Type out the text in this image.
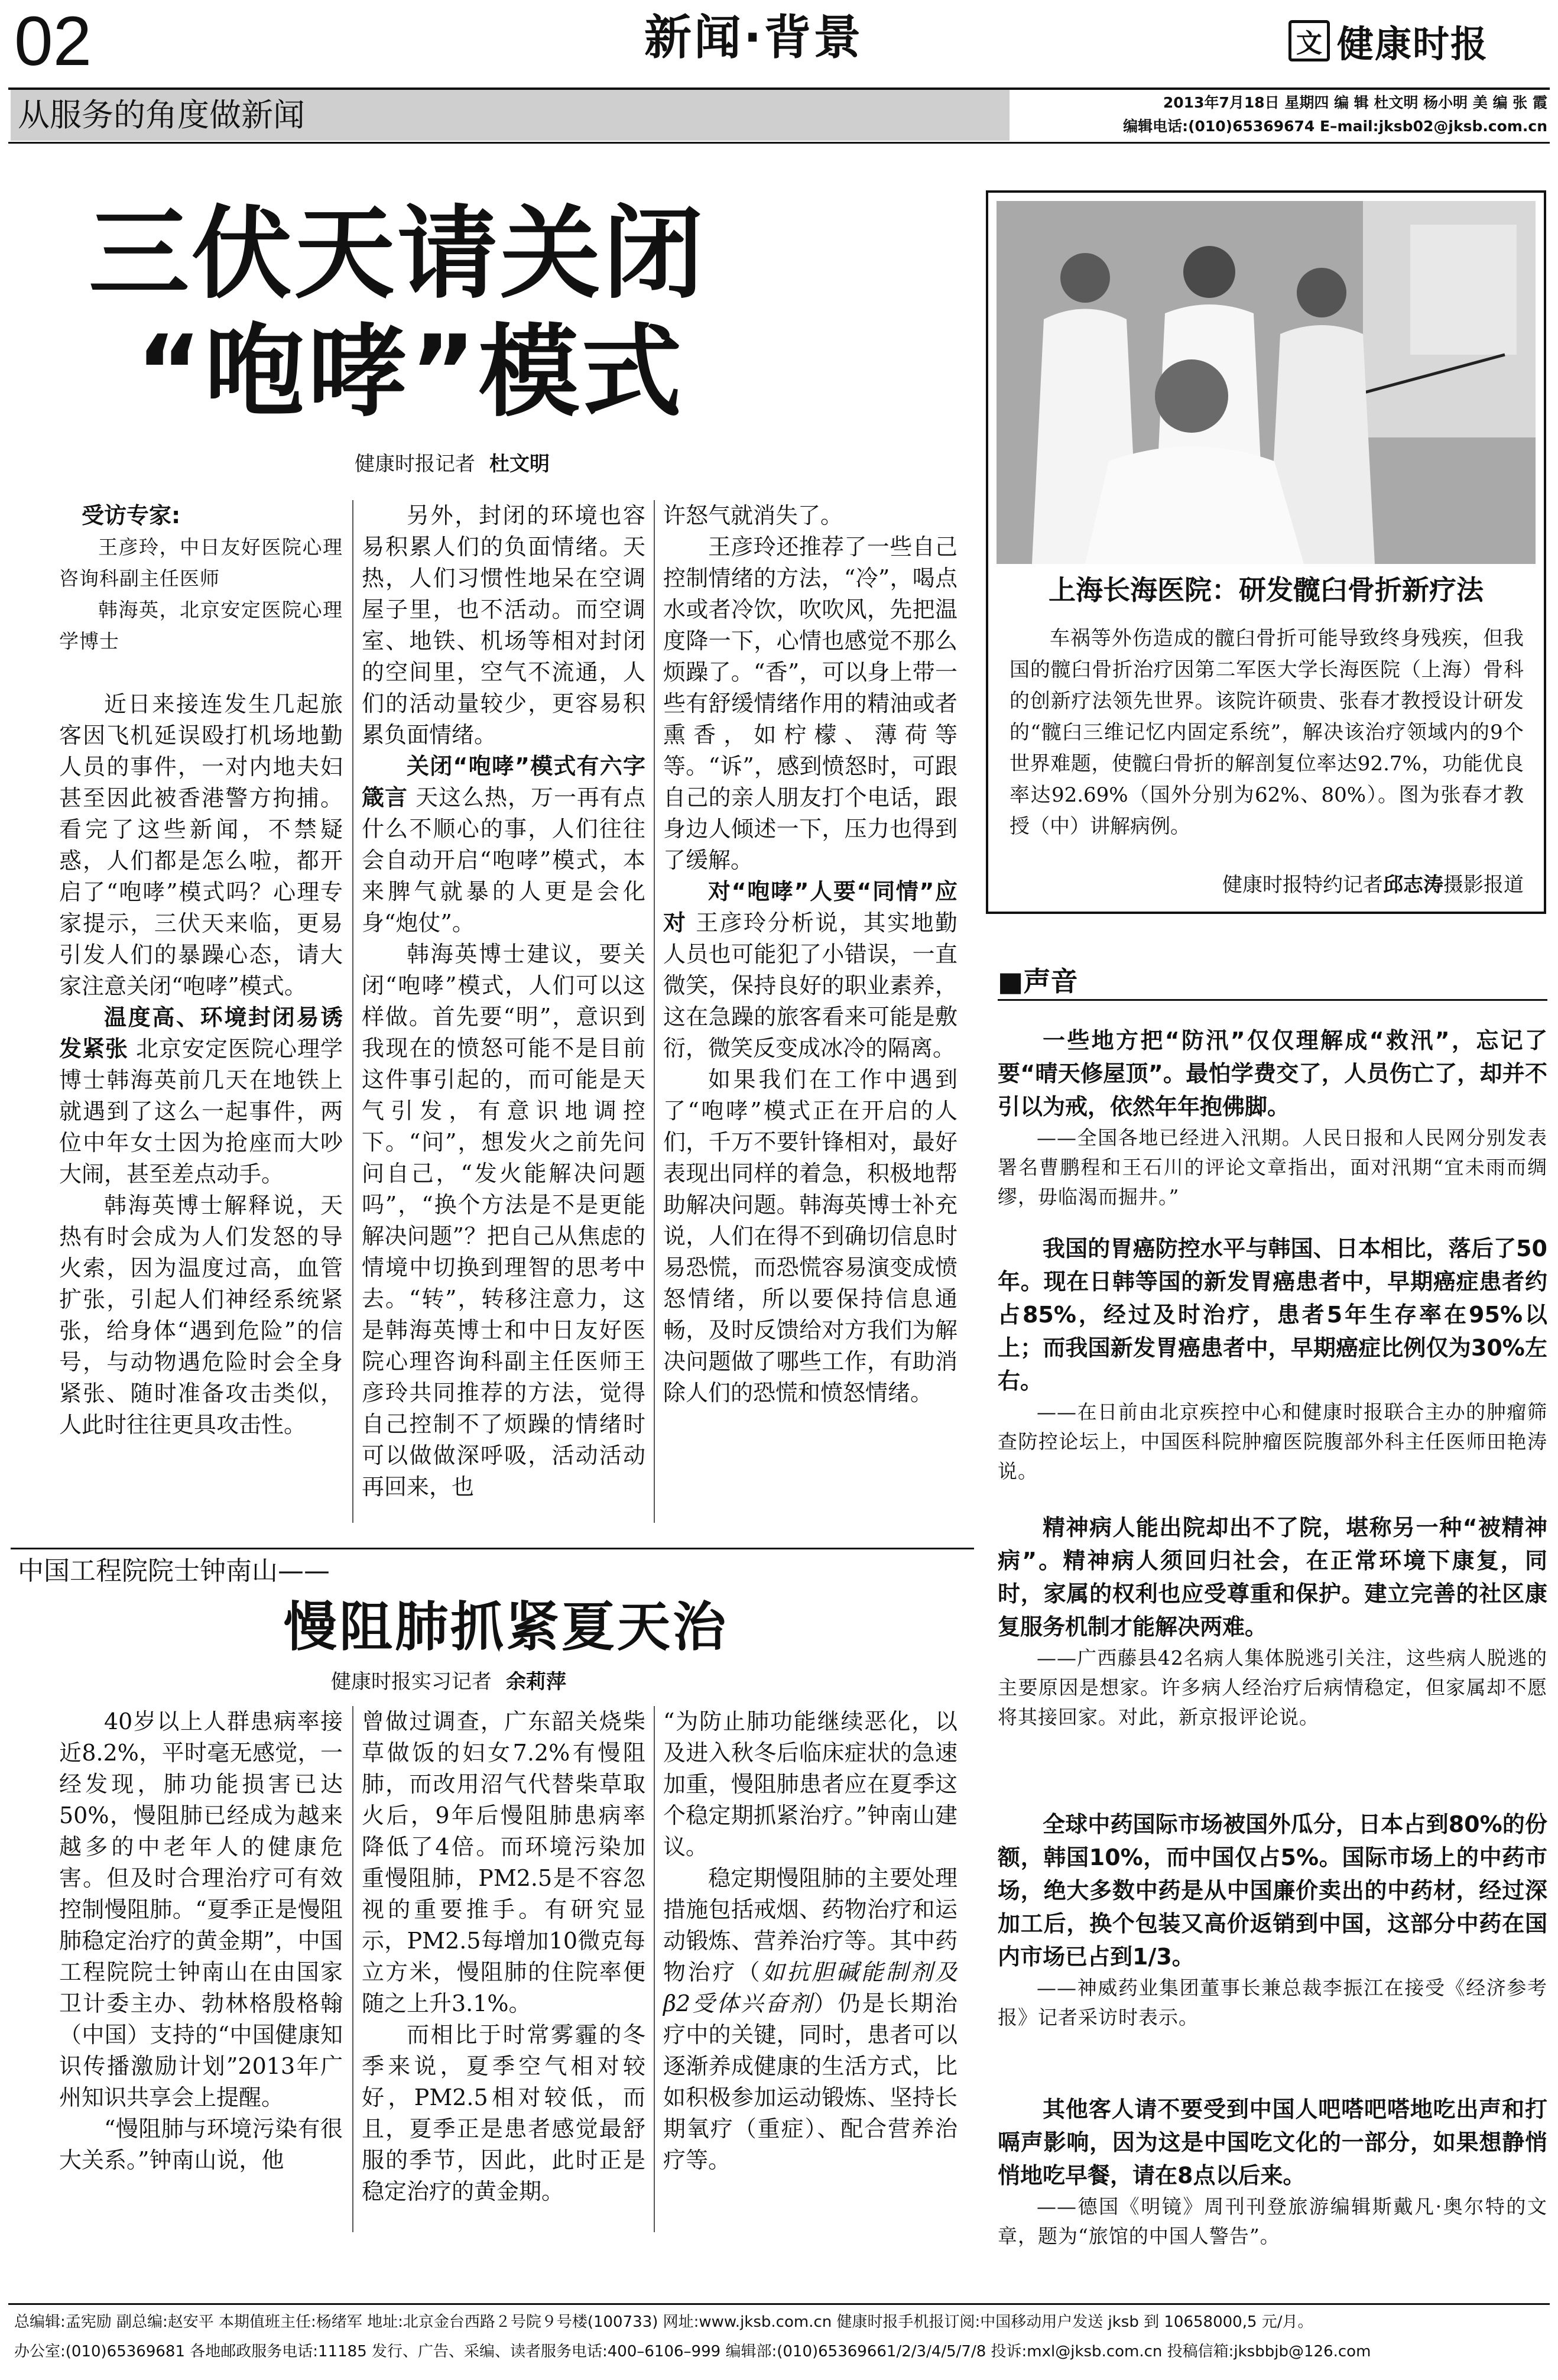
02	新闻·背景	文 健康时报
从服务的角度做新闻	2013年7月18日 星期四 编 辑 杜文明 杨小明 美 编 张 霞
编辑电话:(010)65369674 E–mail:jksb02@jksb.com.cn
三伏天请关闭
“咆哮”模式
健康时报记者 杜文明

受访专家:

王彦玲，中日友好医院心理咨询科副主任医师

韩海英，北京安定医院心理学博士

近日来接连发生几起旅客因飞机延误殴打机场地勤人员的事件，一对内地夫妇甚至因此被香港警方拘捕。看完了这些新闻，不禁疑惑，人们都是怎么啦，都开启了“咆哮”模式吗？心理专家提示，三伏天来临，更易引发人们的暴躁心态，请大家注意关闭“咆哮”模式。

温度高、环境封闭易诱发紧张 北京安定医院心理学博士韩海英前几天在地铁上就遇到了这么一起事件，两位中年女士因为抢座而大吵大闹，甚至差点动手。

韩海英博士解释说，天热有时会成为人们发怒的导火索，因为温度过高，血管扩张，引起人们神经系统紧张，给身体“遇到危险”的信号，与动物遇危险时会全身紧张、随时准备攻击类似，人此时往往更具攻击性。

另外，封闭的环境也容易积累人们的负面情绪。天热，人们习惯性地呆在空调屋子里，也不活动。而空调室、地铁、机场等相对封闭的空间里，空气不流通，人们的活动量较少，更容易积累负面情绪。

关闭“咆哮”模式有六字箴言 天这么热，万一再有点什么不顺心的事，人们往往会自动开启“咆哮”模式，本来脾气就暴的人更是会化身“炮仗”。

韩海英博士建议，要关闭“咆哮”模式，人们可以这样做。首先要“明”，意识到我现在的愤怒可能不是目前这件事引起的，而可能是天气引发，有意识地调控下。“问”，想发火之前先问问自己，“发火能解决问题吗”，“换个方法是不是更能解决问题”？把自己从焦虑的情境中切换到理智的思考中去。“转”，转移注意力，这是韩海英博士和中日友好医院心理咨询科副主任医师王彦玲共同推荐的方法，觉得自己控制不了烦躁的情绪时可以做做深呼吸，活动活动再回来，也

许怒气就消失了。

王彦玲还推荐了一些自己控制情绪的方法，“冷”，喝点水或者冷饮，吹吹风，先把温度降一下，心情也感觉不那么烦躁了。“香”，可以身上带一些有舒缓情绪作用的精油或者熏香，如柠檬、薄荷等等。“诉”，感到愤怒时，可跟自己的亲人朋友打个电话，跟身边人倾述一下，压力也得到了缓解。

对“咆哮”人要“同情”应对 王彦玲分析说，其实地勤人员也可能犯了小错误，一直微笑，保持良好的职业素养，这在急躁的旅客看来可能是敷衍，微笑反变成冰冷的隔离。

如果我们在工作中遇到了“咆哮”模式正在开启的人们，千万不要针锋相对，最好表现出同样的着急，积极地帮助解决问题。韩海英博士补充说，人们在得不到确切信息时易恐慌，而恐慌容易演变成愤怒情绪，所以要保持信息通畅，及时反馈给对方我们为解决问题做了哪些工作，有助消除人们的恐慌和愤怒情绪。

中国工程院院士钟南山——
慢阻肺抓紧夏天治
健康时报实习记者 余莉萍

40岁以上人群患病率接近8.2%，平时毫无感觉，一经发现，肺功能损害已达50%，慢阻肺已经成为越来越多的中老年人的健康危害。但及时合理治疗可有效控制慢阻肺。“夏季正是慢阻肺稳定治疗的黄金期”，中国工程院院士钟南山在由国家卫计委主办、勃林格殷格翰（中国）支持的“中国健康知识传播激励计划”2013年广州知识共享会上提醒。

“慢阻肺与环境污染有很大关系。”钟南山说，他

曾做过调查，广东韶关烧柴草做饭的妇女7.2%有慢阻肺，而改用沼气代替柴草取火后，9年后慢阻肺患病率降低了4倍。而环境污染加重慢阻肺，PM2.5是不容忽视的重要推手。有研究显示，PM2.5每增加10微克每立方米，慢阻肺的住院率便随之上升3.1%。

而相比于时常雾霾的冬季来说，夏季空气相对较好，PM2.5相对较低，而且，夏季正是患者感觉最舒服的季节，因此，此时正是稳定治疗的黄金期。

“为防止肺功能继续恶化，以及进入秋冬后临床症状的急速加重，慢阻肺患者应在夏季这个稳定期抓紧治疗。”钟南山建议。

稳定期慢阻肺的主要处理措施包括戒烟、药物治疗和运动锻炼、营养治疗等。其中药物治疗（如抗胆碱能制剂及β2受体兴奋剂）仍是长期治疗中的关键，同时，患者可以逐渐养成健康的生活方式，比如积极参加运动锻炼、坚持长期氧疗（重症）、配合营养治疗等。

上海长海医院：研发髋臼骨折新疗法
车祸等外伤造成的髋臼骨折可能导致终身残疾，但我国的髋臼骨折治疗因第二军医大学长海医院（上海）骨科的创新疗法领先世界。该院许硕贵、张春才教授设计研发的“髋臼三维记忆内固定系统”，解决该治疗领域内的9个世界难题，使髋臼骨折的解剖复位率达92.7%，功能优良率达92.69%（国外分别为62%、80%）。图为张春才教授（中）讲解病例。
健康时报特约记者邱志涛摄影报道
■声音

一些地方把“防汛”仅仅理解成“救汛”，忘记了要“晴天修屋顶”。最怕学费交了，人员伤亡了，却并不引以为戒，依然年年抱佛脚。

——全国各地已经进入汛期。人民日报和人民网分别发表署名曹鹏程和王石川的评论文章指出，面对汛期“宜未雨而绸缪，毋临渴而掘井。”

我国的胃癌防控水平与韩国、日本相比，落后了50年。现在日韩等国的新发胃癌患者中，早期癌症患者约占85%，经过及时治疗，患者5年生存率在95%以上；而我国新发胃癌患者中，早期癌症比例仅为30%左右。

——在日前由北京疾控中心和健康时报联合主办的肿瘤筛查防控论坛上，中国医科院肿瘤医院腹部外科主任医师田艳涛说。

精神病人能出院却出不了院，堪称另一种“被精神病”。精神病人须回归社会，在正常环境下康复，同时，家属的权利也应受尊重和保护。建立完善的社区康复服务机制才能解决两难。

——广西藤县42名病人集体脱逃引关注，这些病人脱逃的主要原因是想家。许多病人经治疗后病情稳定，但家属却不愿将其接回家。对此，新京报评论说。

全球中药国际市场被国外瓜分，日本占到80%的份额，韩国10%，而中国仅占5%。国际市场上的中药市场，绝大多数中药是从中国廉价卖出的中药材，经过深加工后，换个包装又高价返销到中国，这部分中药在国内市场已占到1/3。

——神威药业集团董事长兼总裁李振江在接受《经济参考报》记者采访时表示。

其他客人请不要受到中国人吧嗒吧嗒地吃出声和打嗝声影响，因为这是中国吃文化的一部分，如果想静悄悄地吃早餐，请在8点以后来。

——德国《明镜》周刊刊登旅游编辑斯戴凡·奥尔特的文章，题为“旅馆的中国人警告”。

总编辑:孟宪励 副总编:赵安平 本期值班主任:杨绪军 地址:北京金台西路２号院９号楼(100733) 网址:www.jksb.com.cn 健康时报手机报订阅:中国移动用户发送 jksb 到 10658000,5 元/月。
办公室:(010)65369681 各地邮政服务电话:11185 发行、广告、采编、读者服务电话:400–6106–999 编辑部:(010)65369661/2/3/4/5/7/8 投诉:mxl@jksb.com.cn 投稿信箱:jksbbjb@126.com
